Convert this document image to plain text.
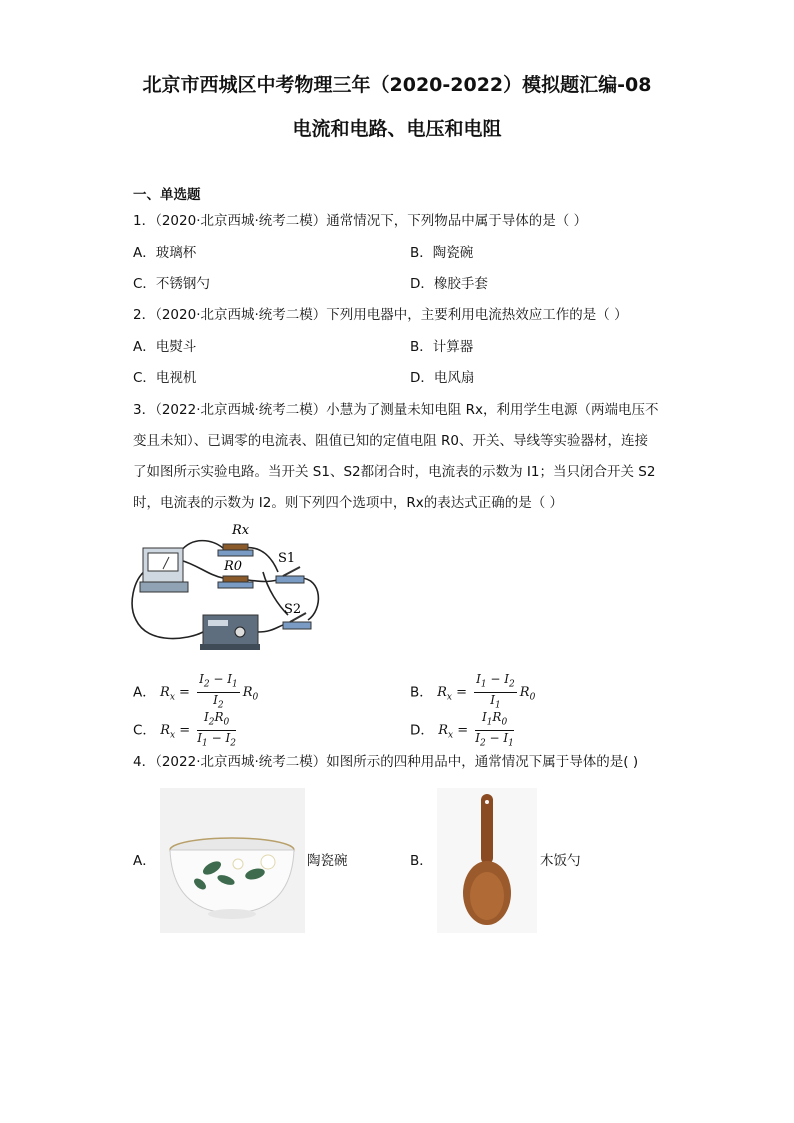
北京市西城区中考物理三年（2020-2022）模拟题汇编-08
电流和电路、电压和电阻
一、单选题
1．（2020·北京西城·统考二模）通常情况下，下列物品中属于导体的是（ ）
A．玻璃杯	B．陶瓷碗
C．不锈钢勺	D．橡胶手套
2．（2020·北京西城·统考二模）下列用电器中，主要利用电流热效应工作的是（ ）
A．电熨斗	B．计算器
C．电视机	D．电风扇
3．（2022·北京西城·统考二模）小慧为了测量未知电阻 Rx，利用学生电源（两端电压不
变且未知）、已调零的电流表、阻值已知的定值电阻 R0、开关、导线等实验器材，连接
了如图所示实验电路。当开关 S1、S2都闭合时，电流表的示数为 I1；当只闭合开关 S2
时，电流表的示数为 I2。则下列四个选项中，Rx的表达式正确的是（ ）
Rx
R0
S1
S2
A． $R_x = \frac{I_2 - I_1}{I_2} R_0$	B． $R_x = \frac{I_1 - I_2}{I_1} R_0$
C． $R_x = \frac{I_2R_0}{I_1 - I_2}$	D． $R_x = \frac{I_1R_0}{I_2 - I_1}$
4．（2022·北京西城·统考二模）如图所示的四种用品中，通常情况下属于导体的是( )
A．	陶瓷碗	B．	木饭勺
